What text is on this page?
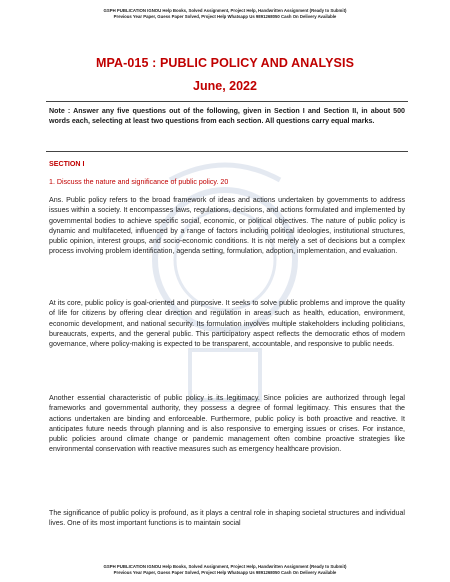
GSPH PUBLICATION IGNOU Help Books, Solved Assignment, Project Help, Handwritten Assignment (Ready to Submit)
Previous Year Paper, Guess Paper Solved, Project Help Whatsapp Us 9891268050 Cash On Delivery Available
MPA-015 : PUBLIC POLICY AND ANALYSIS
June, 2022
Note : Answer any five questions out of the following, given in Section I and Section II, in about 500 words each, selecting at least two questions from each section. All questions carry equal marks.
SECTION I
1. Discuss the nature and significance of public policy. 20
Ans. Public policy refers to the broad framework of ideas and actions undertaken by governments to address issues within a society. It encompasses laws, regulations, decisions, and actions formulated and implemented by governmental bodies to achieve specific social, economic, or political objectives. The nature of public policy is dynamic and multifaceted, influenced by a range of factors including political ideologies, institutional structures, public opinion, interest groups, and socio-economic conditions. It is not merely a set of decisions but a complex process involving problem identification, agenda setting, formulation, adoption, implementation, and evaluation.
At its core, public policy is goal-oriented and purposive. It seeks to solve public problems and improve the quality of life for citizens by offering clear direction and regulation in areas such as health, education, environment, economic development, and national security. Its formulation involves multiple stakeholders including politicians, bureaucrats, experts, and the general public. This participatory aspect reflects the democratic ethos of modern governance, where policy-making is expected to be transparent, accountable, and responsive to public needs.
Another essential characteristic of public policy is its legitimacy. Since policies are authorized through legal frameworks and governmental authority, they possess a degree of formal legitimacy. This ensures that the actions undertaken are binding and enforceable. Furthermore, public policy is both proactive and reactive. It anticipates future needs through planning and is also responsive to emerging issues or crises. For instance, public policies around climate change or pandemic management often combine proactive strategies like environmental conservation with reactive measures such as emergency healthcare provision.
The significance of public policy is profound, as it plays a central role in shaping societal structures and individual lives. One of its most important functions is to maintain social
GSPH PUBLICATION IGNOU Help Books, Solved Assignment, Project Help, Handwritten Assignment (Ready to Submit)
Previous Year Paper, Guess Paper Solved, Project Help Whatsapp Us 9891268050 Cash On Delivery Available
